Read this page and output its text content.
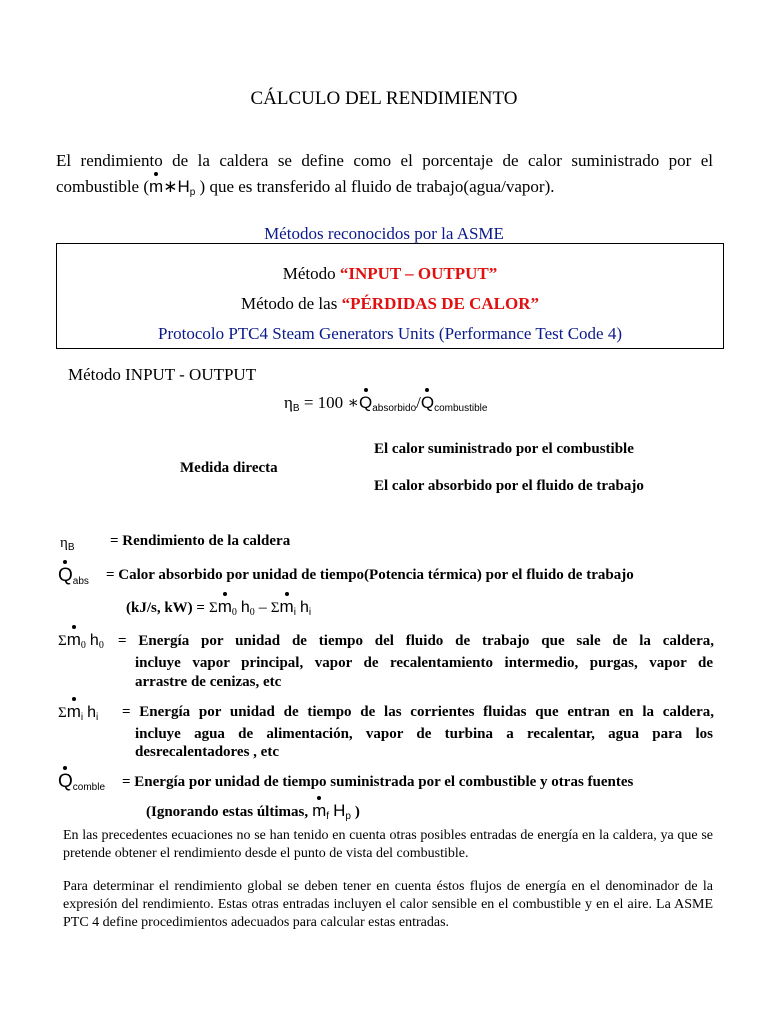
CÁLCULO DEL RENDIMIENTO
El rendimiento de la caldera se define como el porcentaje de calor suministrado por el
combustible ($m∗H_p$ ) que es transferido al fluido de trabajo(agua/vapor).
Métodos reconocidos por la ASME
Método “INPUT – OUTPUT”
Método de las “PÉRDIDAS DE CALOR”
Protocolo PTC4 Steam Generators Units (Performance Test Code 4)
Método INPUT - OUTPUT
$\eta_B = 100$ $∗Q_{absorbido}/Q_{combustible}$
El calor suministrado por el combustible
Medida directa
El calor absorbido por el fluido de trabajo
$\eta_B$ = Rendimiento de la caldera
$Q_{abs}$ = Calor absorbido por unidad de tiempo(Potencia térmica) por el fluido de trabajo
(kJ/s, $kW) = \Sigma m_0$ $h_0 - \Sigma m_i$ $h_i$
$\Sigma m_0$ $h_0$ = Energía por unidad de tiempo del fluido de trabajo que sale de la caldera,
incluye vapor principal, vapor de recalentamiento intermedio, purgas, vapor de
arrastre de cenizas, etc
$\Sigma m_i$ $h_i$ = Energía por unidad de tiempo de las corrientes fluidas que entran en la caldera,
incluye agua de alimentación, vapor de turbina a recalentar, agua para los
desrecalentadores , etc
$Q_{comble}$ = Energía por unidad de tiempo suministrada por el combustible y otras fuentes
(Ignorando estas últimas, $m_f$ $H_p$ )
En las precedentes ecuaciones no se han tenido en cuenta otras posibles entradas de energía en la caldera, ya que se pretende obtener el rendimiento desde el punto de vista del combustible.
Para determinar el rendimiento global se deben tener en cuenta éstos flujos de energía en el denominador de la expresión del rendimiento. Estas otras entradas incluyen el calor sensible en el combustible y en el aire. La ASME PTC 4 define procedimientos adecuados para calcular estas entradas.
